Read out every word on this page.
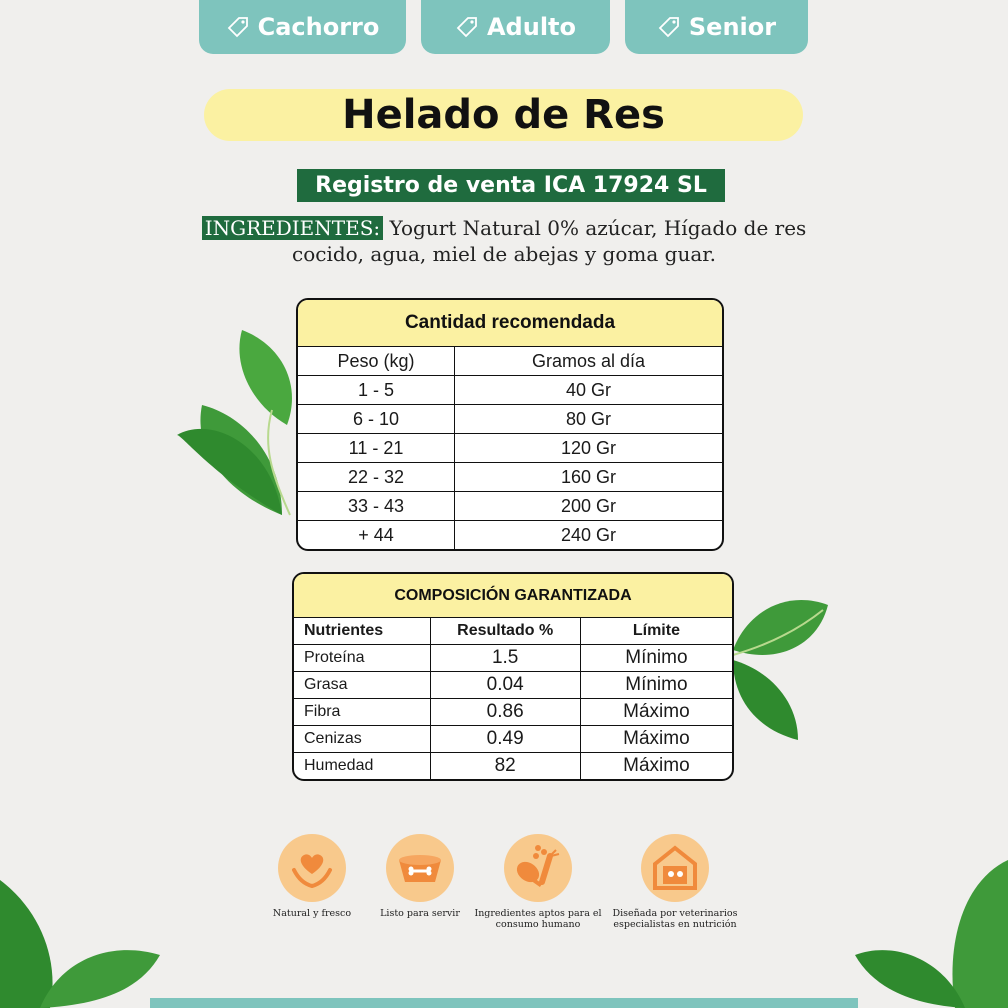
Cachorro	Adulto	Senior
Helado de Res
Registro de venta ICA 17924 SL
INGREDIENTES: Yogurt Natural 0% azúcar, Hígado de res cocido, agua, miel de abejas y goma guar.
Cantidad recomendada	
Peso (kg)	Gramos al día
1 - 5	40 Gr
6 - 10	80 Gr
11 - 21	120 Gr
22 - 32	160 Gr
33 - 43	200 Gr
+ 44	240 Gr
COMPOSICIÓN GARANTIZADA		
Nutrientes	Resultado %	Límite
Proteína	1.5	Mínimo
Grasa	0.04	Mínimo
Fibra	0.86	Máximo
Cenizas	0.49	Máximo
Humedad	82	Máximo
Natural y fresco	Listo para servir	Ingredientes aptos para el consumo humano
Diseñada por veterinarios especialistas en nutrición
